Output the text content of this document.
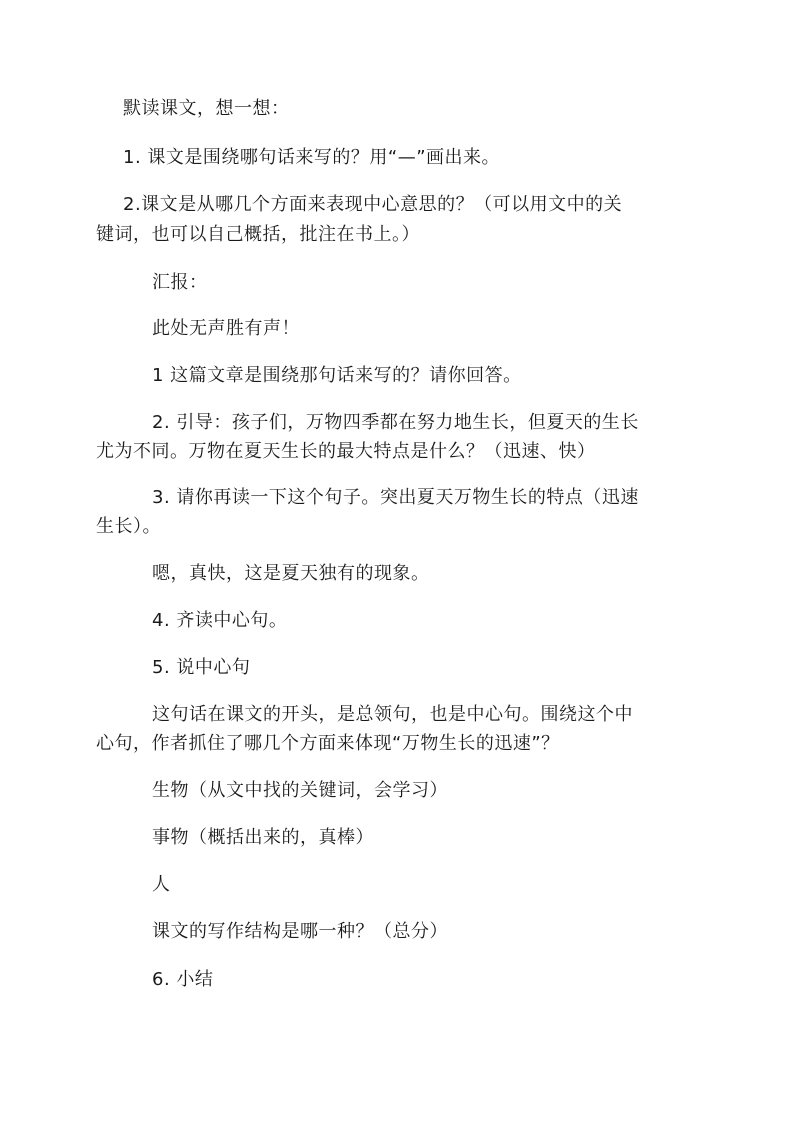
默读课文，想一想：
1. 课文是围绕哪句话来写的？用“—”画出来。
2.课文是从哪几个方面来表现中心意思的？（可以用文中的关
键词，也可以自己概括，批注在书上。）
汇报：
此处无声胜有声！
1 这篇文章是围绕那句话来写的？请你回答。
2. 引导：孩子们，万物四季都在努力地生长，但夏天的生长
尤为不同。万物在夏天生长的最大特点是什么？（迅速、快）
3. 请你再读一下这个句子。突出夏天万物生长的特点（迅速
生长）。
嗯，真快，这是夏天独有的现象。
4. 齐读中心句。
5. 说中心句
这句话在课文的开头，是总领句，也是中心句。围绕这个中
心句，作者抓住了哪几个方面来体现“万物生长的迅速”？
生物（从文中找的关键词，会学习）
事物（概括出来的，真棒）
人
课文的写作结构是哪一种？（总分）
6. 小结
